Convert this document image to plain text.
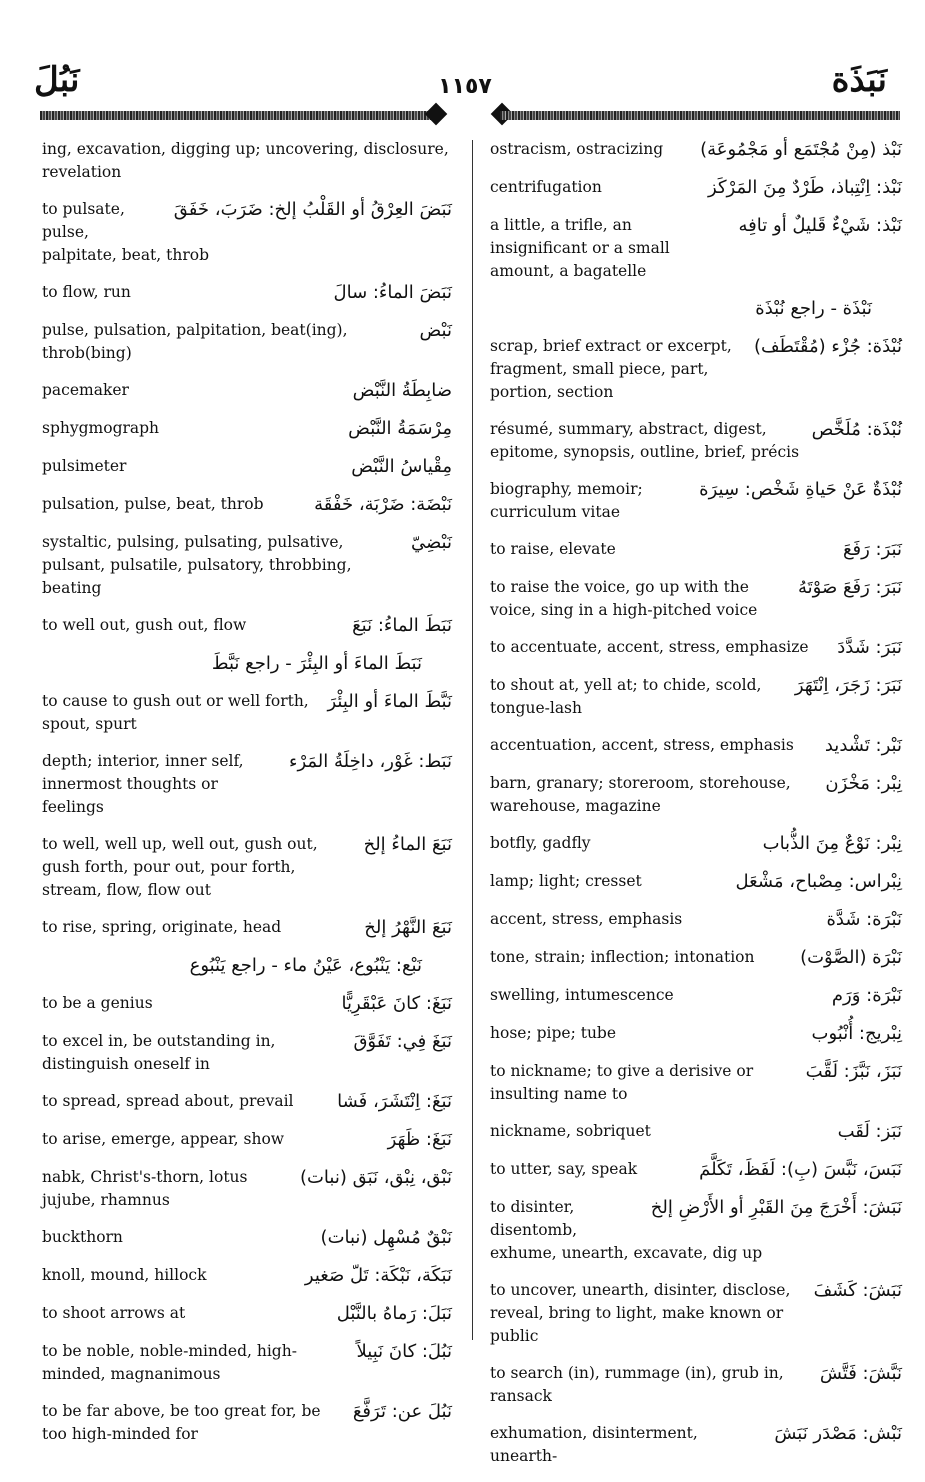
نَبُلَ	١١٥٧	نَبَذَة
ing, excavation, digging up; uncovering, disclosure, revelation
نَبَضَ العِرْقُ أو القَلْبُ إلخ: ضَرَبَ، خَفَقَ
to pulsate, pulse, palpitate, beat, throb
نَبَضَ الماءُ: سالَ
to flow, run
نَبْض
pulse, pulsation, palpitation, beat(ing), throb(bing)
ضابِطَةُ النَّبْض
pacemaker
مِرْسَمَةُ النَّبْض
sphygmograph
مِقْياسُ النَّبْض
pulsimeter
نَبْضَة: ضَرْبَة، خَفْقَة
pulsation, pulse, beat, throb
نَبْضِيّ
systaltic, pulsing, pulsating, pulsative, pulsant, pulsatile, pulsatory, throbbing, beating
نَبَطَ الماءُ: نَبَعَ
to well out, gush out, flow
نَبَطَ الماءَ أو البِئْرَ - راجع نَبَّطَ
نَبَّطَ الماءَ أو البِئْرَ
to cause to gush out or well forth, spout, spurt
نَبَط: غَوْر، داخِلَةُ المَرْء
depth; interior, inner self, innermost thoughts or feelings
نَبَعَ الماءُ إلخ
to well, well up, well out, gush out, gush forth, pour out, pour forth, stream, flow, flow out
نَبَعَ النَّهْرُ إلخ
to rise, spring, originate, head
نَبْع: يَنْبُوع، عَيْنُ ماء - راجع يَنْبُوع
نَبَغَ: كانَ عَبْقَرِيًّا
to be a genius
نَبَغَ فِي: تَفَوَّقَ
to excel in, be outstanding in, distinguish oneself in
نَبَغَ: اِنْتَشَرَ، فَشا
to spread, spread about, prevail
نَبَغَ: ظَهَرَ
to arise, emerge, appear, show
نَبْق، نِبْق، نَبَق (نبات)
nabk, Christ's-thorn, lotus jujube, rhamnus
نَبْقٌ مُسْهِل (نبات)
buckthorn
نَبَكَة، نَبْكَة: تَلّ صَغير
knoll, mound, hillock
نَبَلَ: رَماهُ بالنَّبْل
to shoot arrows at
نَبُلَ: كانَ نَبِيلاً
to be noble, noble-minded, high-minded, magnanimous
نَبُلَ عن: تَرَفَّعَ
to be far above, be too great for, be too high-minded for
نَبْذ (مِنْ مُجْتَمَع أو مَجْمُوعَة)
ostracism, ostracizing
نَبْذ: اِنْتِباذ، طَرْدٌ مِنَ المَرْكَز
centrifugation
نَبْذ: شَيْءٌ قَليلٌ أو تافِه
a little, a trifle, an insignificant or a small amount, a bagatelle
نَبْذَة - راجع نُبْذَة
نُبْذَة: جُزْء (مُقْتَطَف)
scrap, brief extract or excerpt, fragment, small piece, part, portion, section
نُبْذَة: مُلَخَّص
résumé, summary, abstract, digest, epitome, synopsis, outline, brief, précis
نُبْذَةٌ عَنْ حَياةِ شَخْص: سِيرَة
biography, memoir; curriculum vitae
نَبَرَ: رَفَعَ
to raise, elevate
نَبَرَ: رَفَعَ صَوْتَهُ
to raise the voice, go up with the voice, sing in a high-pitched voice
نَبَرَ: شَدَّدَ
to accentuate, accent, stress, emphasize
نَبَرَ: زَجَرَ، اِنْتَهَرَ
to shout at, yell at; to chide, scold, tongue-lash
نَبْر: تَشْديد
accentuation, accent, stress, emphasis
نِبْر: مَخْزَن
barn, granary; storeroom, storehouse, warehouse, magazine
نِبْر: نَوْعٌ مِنَ الذُّباب
botfly, gadfly
نِبْراس: مِصْباح، مَشْعَل
lamp; light; cresset
نَبْرَة: شَدَّة
accent, stress, emphasis
نَبْرَة (الصَّوْت)
tone, strain; inflection; intonation
نَبْرَة: وَرَم
swelling, intumescence
نِبْريج: أُنْبُوب
hose; pipe; tube
نَبَزَ، نَبَّزَ: لَقَّبَ
to nickname; to give a derisive or insulting name to
نَبَز: لَقَب
nickname, sobriquet
نَبَسَ، نَبَّسَ (بِ): لَفَظَ، تَكَلَّمَ
to utter, say, speak
نَبَشَ: أَخْرَجَ مِنَ القَبْرِ أو الأَرْضِ إلخ
to disinter, disentomb, exhume, unearth, excavate, dig up
نَبَشَ: كَشَفَ
to uncover, unearth, disinter, disclose, reveal, bring to light, make known or public
نَبَّشَ: فَتَّشَ
to search (in), rummage (in), grub in, ransack
نَبْش: مَصْدَر نَبَشَ
exhumation, disinterment, unearth-
